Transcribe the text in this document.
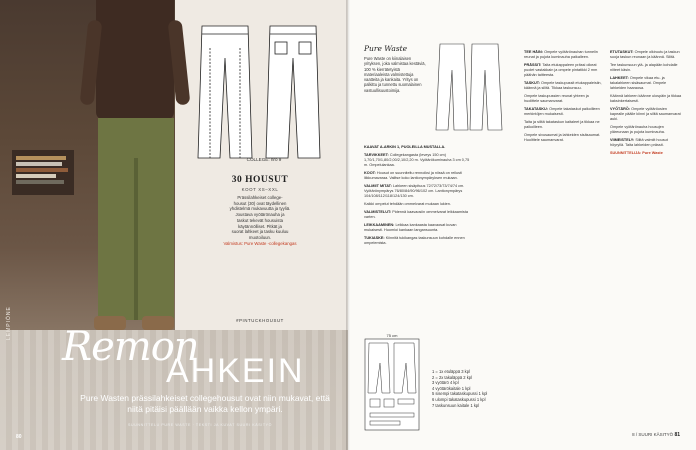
LEMPIÖNE
COLLEGE: nro 9
30 HOUSUT
KOOT XS–XXL
Prässilahkeiset college-
housut (30) ovat täydellinen
yhdistelmä mukavuutta ja tyyliä.
Joustava vyötärönauha ja
taskut tekevät housuista
käytännölliset. Pitkät ja
suorat lahkeet ja tasku kuuluu
muotoiluun.
Valmistus: Pure Waste -collegekangas
#PINTUCKHOUSUT
Remon
AHKEIN
Pure Wasten prässilahkeiset collegehousut ovat niin mukavat, että niitä pitäisi päällään vaikka kellon ympäri.
SUUNNITTELU PURE WASTE · TEKSTI JA KUVAT SUURI KÄSITYÖ
80
Pure Waste
Pure Waste on kiinalaisen yrityksen, joka valmistaa kestäviä, 100 % kierrätetyistä materiaaleista valmistettuja vaatteita ja kankaita. Yritys on palkittu ja tunnettu suomalainen vastuullisuustoimija.

KAAVAT A-ARKIN 1, PUOLEILLA MUSTALLA.

TARVIKKEET: Collegekangasta (leveys 150 cm) 1,70/1,70/1,80/2,00/2,10/2,20 m. Vyötärökuminauha 3 cm 0,75 m. Ompelulankaa.

KOOT: Housut on suunniteltu rennoiksi ja niissä on reilusti liikkumavaraa. Valitse koko lantionympäryksen mukaan.

VALMIIT MITAT: Lahkeen sisäpituus 72/72/73/73/74/74 cm. Vyötärönympärys 76/80/84/90/96/102 cm. Lantionympärys 104/108/112/118/124/130 cm.

Kaikki ompelut tehdään ommelvarat mukaan lukien.

VALMISTELUT: Pidennä kaavaosiin ommelvarat leikkaamista varten.

LEIKKAAMINEN: Leikkaa kankaasta kaavaosat kuvan mukaisesti. Huomioi kankaan langansuunta.

TUKIASKE: Kiinnitä tukikangas taskunsuun kohdalle ennen ompelemista.

TEE HÄIN: Ompele vyötärönauhan tunnelin reunat ja pujota kuminauha paikalleen.

PRÄSSIT: Taita etukappaleen prässi oikeat puolet vastakkain ja ompele pintatikki 2 mm päähän taitteesta.

TASKUT: Ompele taskupussit etukappaleisiin, käännä ja silitä. Tikkaa taskunsuu.

Ompele taskupussien reunat yhteen ja huolittele saumanvarat.

TAKATASKU: Ompele takataskut paikoilleen merkintöjen mukaisesti.

Taita ja silitä takataskun kaitaleet ja tikkaa ne paikoilleen.

Ompele sivusaumat ja lahkeiden sisäsaumat. Huolittele saumanvarat.

ETUTASKUT: Ompele olkiruutu ja taskun suoja taskun reunaan ja käännä. Silitä.

Tee taskunsuun ylä- ja alapään kohdalle niiteet käsin.

LAHKEET: Ompele vikaa etu- ja takalahkeen sisäsaumat. Ompele lahkeiden haaraosa.

Käännä lahkeen käänne ulospäin ja tikkaa kaksinkertaisesti.

VYÖTÄRÖ: Ompele vyötäröosien kapealle päälle kiinni ja silitä saumanvarat auki.

Ompele vyötärönauha housujen yläreunaan ja pujota kuminauha.

VIIMEISTELY: Silitä valmiit housut höyryllä. Taita lahkeiden prässit.

SUUNNITTELIJA: Pure Waste

75 cm
1 = 1x etuläppä 3 kpl
2 = 2x takaläppä 2 kpl
3 vyötärö 4 kpl
4 vyötärökaitale 1 kpl
5 sisempi takataskupussi 1 kpl
6 ulompi takataskupussi 1 kpl
7 taskunsuun kaitale 1 kpl
8 / SUURI KÄSITYÖ 81
